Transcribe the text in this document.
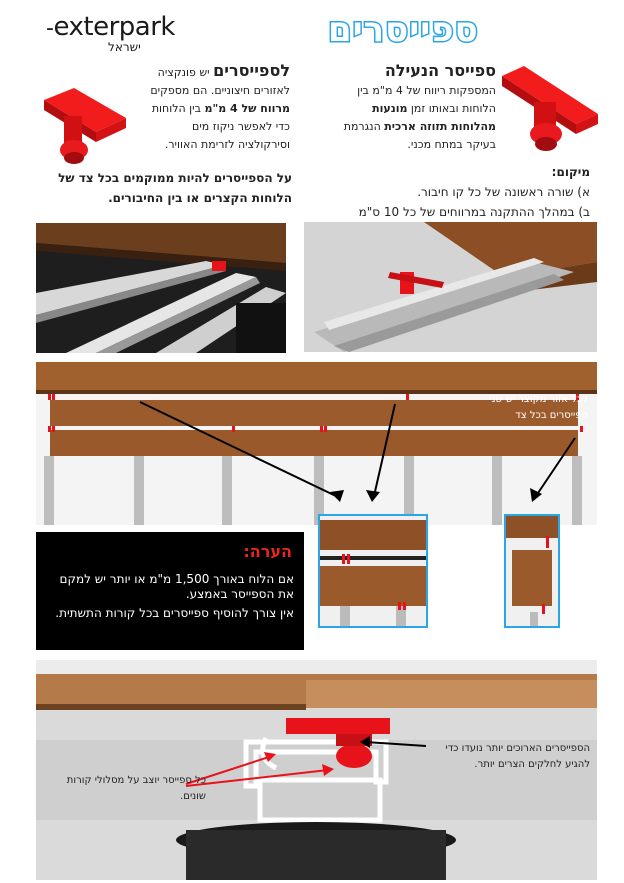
-exterpark
ישראל	ספייסרים
לספייסרים יש פונקציה לאזורים חיצוניים. הם מספקים מרווח של 4 מ"מ בין הלוחות כדי לאפשר ניקוז מים וסירקולציה לזרימת האוויר.
ספייסר הנעילה המספקות ריווח של 4 מ"מ בין הלוחות ובאותו זמן מונעות מהלוחות תזוזה ארכית הנגרמת בעיקר במתח מכני.
מיקום:
א) שורה ראשונה של כל קו חיבור.
ב) במהלך ההתקנה במרווחים של כל 10 ס"מ
על הספייסרים להיות ממוקמים בכל צד של הלוחות הקצרים או בין החיבורים.
לכל אזור מקוצר יש שני ספייסרים בכל צד
הערה:
אם הלוח באורך 1,500 מ"מ או יותר יש למקם את הספייסר באמצע.
אין צורך להוסיף ספייסרים בכל קורות התשתית.
הספייסרים הארוכים יותר נועדו כדי להגיע לחלקים הצרים יותר.
כל ספייסר יוצב על מסלולי קורות שונים.
